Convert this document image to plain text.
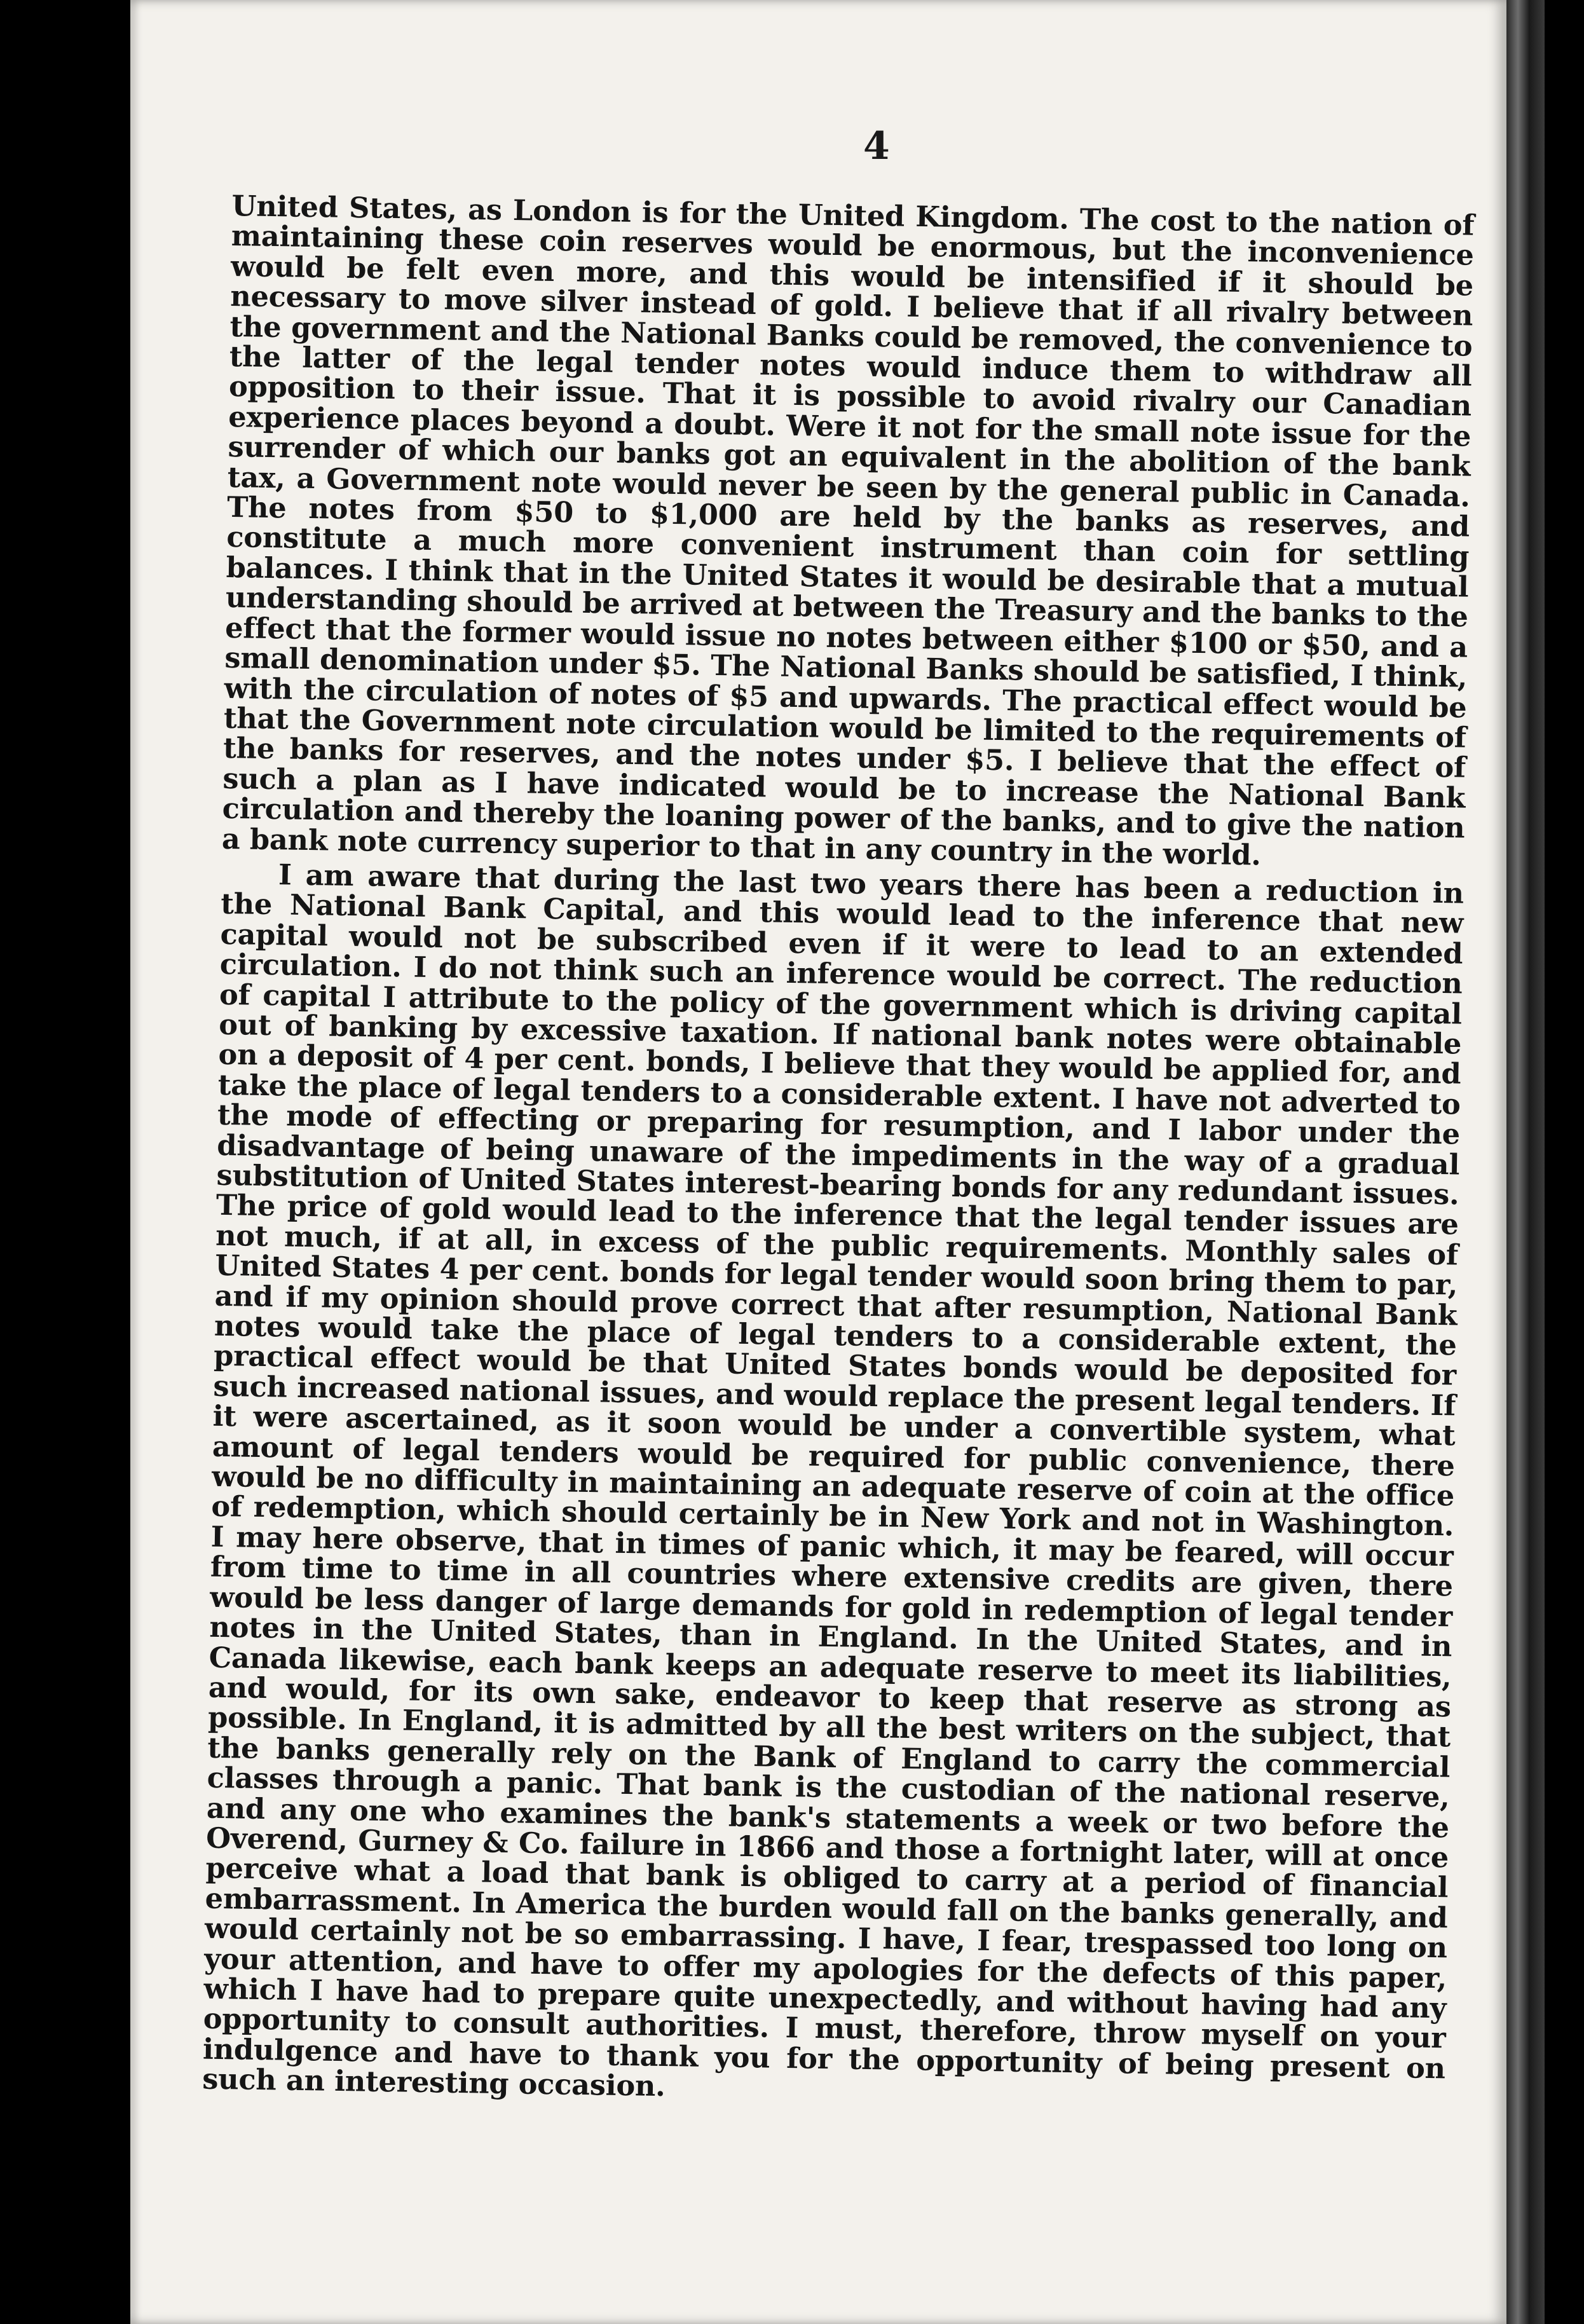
4

United States, as London is for the United Kingdom. The cost to the nation of maintaining these coin reserves would be enormous, but the inconvenience would be felt even more, and this would be intensified if it should be necessary to move silver instead of gold. I believe that if all rivalry between the government and the National Banks could be removed, the convenience to the latter of the legal tender notes would induce them to withdraw all opposition to their issue. That it is possible to avoid rivalry our Canadian experience places beyond a doubt. Were it not for the small note issue for the surrender of which our banks got an equivalent in the abolition of the bank tax, a Government note would never be seen by the general public in Canada. The notes from $50 to $1,000 are held by the banks as reserves, and constitute a much more convenient instrument than coin for settling balances. I think that in the United States it would be desirable that a mutual understanding should be arrived at between the Treasury and the banks to the effect that the former would issue no notes between either $100 or $50, and a small denomination under $5. The National Banks should be satisfied, I think, with the circulation of notes of $5 and upwards. The practical effect would be that the Government note circulation would be limited to the requirements of the banks for reserves, and the notes under $5. I believe that the effect of such a plan as I have indicated would be to increase the National Bank circulation and thereby the loaning power of the banks, and to give the nation a bank note currency superior to that in any country in the world.

I am aware that during the last two years there has been a reduction in the National Bank Capital, and this would lead to the inference that new capital would not be subscribed even if it were to lead to an extended circulation. I do not think such an inference would be correct. The reduction of capital I attribute to the policy of the government which is driving capital out of banking by excessive taxation. If national bank notes were obtainable on a deposit of 4 per cent. bonds, I believe that they would be applied for, and take the place of legal tenders to a considerable extent. I have not adverted to the mode of effecting or preparing for resumption, and I labor under the disadvantage of being unaware of the impediments in the way of a gradual substitution of United States interest-bearing bonds for any redundant issues. The price of gold would lead to the inference that the legal tender issues are not much, if at all, in excess of the public requirements. Monthly sales of United States 4 per cent. bonds for legal tender would soon bring them to par, and if my opinion should prove correct that after resumption, National Bank notes would take the place of legal tenders to a considerable extent, the practical effect would be that United States bonds would be deposited for such increased national issues, and would replace the present legal tenders. If it were ascertained, as it soon would be under a convertible system, what amount of legal tenders would be required for public convenience, there would be no difficulty in maintaining an adequate reserve of coin at the office of redemption, which should certainly be in New York and not in Washington. I may here observe, that in times of panic which, it may be feared, will occur from time to time in all countries where extensive credits are given, there would be less danger of large demands for gold in redemption of legal tender notes in the United States, than in England. In the United States, and in Canada likewise, each bank keeps an adequate reserve to meet its liabilities, and would, for its own sake, endeavor to keep that reserve as strong as possible. In England, it is admitted by all the best writers on the subject, that the banks generally rely on the Bank of England to carry the commercial classes through a panic. That bank is the custodian of the national reserve, and any one who examines the bank's statements a week or two before the Overend, Gurney & Co. failure in 1866 and those a fortnight later, will at once perceive what a load that bank is obliged to carry at a period of financial embarrassment. In America the burden would fall on the banks generally, and would certainly not be so embarrassing. I have, I fear, trespassed too long on your attention, and have to offer my apologies for the defects of this paper, which I have had to prepare quite unexpectedly, and without having had any opportunity to consult authorities. I must, therefore, throw myself on your indulgence and have to thank you for the opportunity of being present on such an interesting occasion.
